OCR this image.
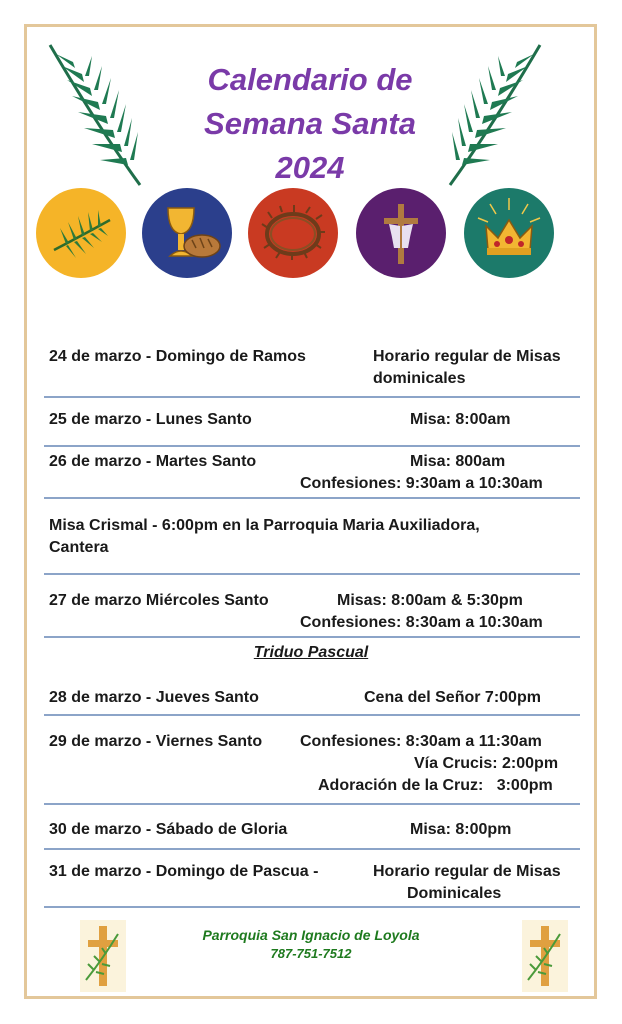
Calendario de
Semana Santa
2024
24 de marzo - Domingo de Ramos	Horario regular de Misas
dominicales
25 de marzo - Lunes Santo	Misa: 8:00am
26 de marzo - Martes Santo	Misa: 800am
Confesiones: 9:30am a 10:30am
Misa Crismal - 6:00pm en la Parroquia Maria Auxiliadora,
Cantera
27 de marzo Miércoles Santo	Misas: 8:00am & 5:30pm
Confesiones: 8:30am a 10:30am
Triduo Pascual
28 de marzo - Jueves Santo	Cena del Señor 7:00pm
29 de marzo - Viernes Santo Confesiones: 8:30am a 11:30am
Vía Crucis: 2:00pm
Adoración de la Cruz:   3:00pm
30 de marzo - Sábado de Gloria	Misa: 8:00pm
31 de marzo - Domingo de Pascua -	Horario regular de Misas
Dominicales
Parroquia San Ignacio de Loyola
787-751-7512
